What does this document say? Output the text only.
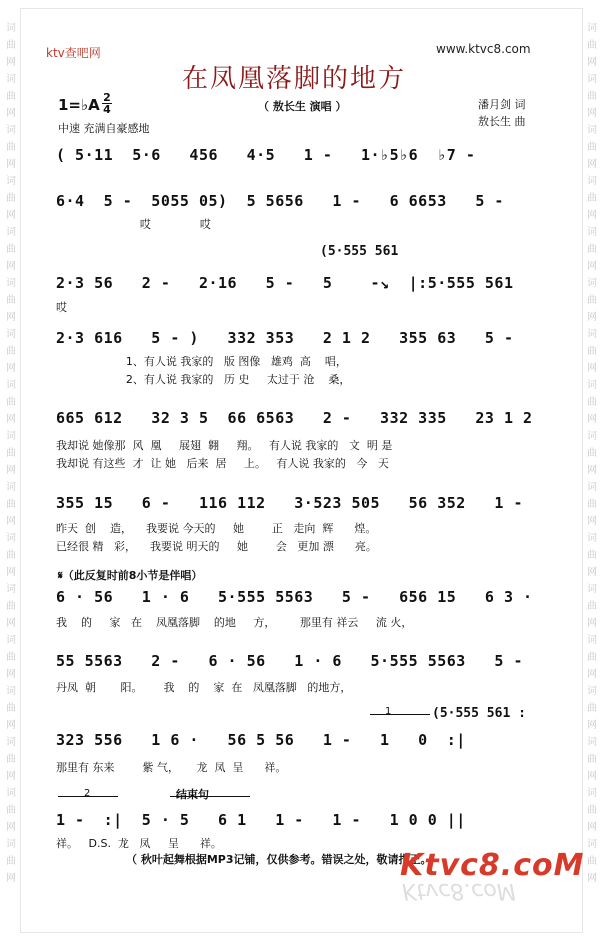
词
曲
网
词
曲
网
词
曲
网
词
曲
网
词
曲
网
词
曲
网
词
曲
网
词
曲
网
词
曲
网
词
曲
网
词
曲
网
词
曲
网
词
曲
网
词
曲
网
词
曲
网
词
曲
网
词
曲
网
词
曲
网
词
曲
网
词
曲
网
词
曲
网
词
曲
网
词
曲
网
词
曲
网
词
曲
网
词
曲
网
词
曲
网
词
曲
网
词
曲
网
词
曲
网
词
曲
网
词
曲
网
词
曲
网
词
曲
网
ktv查吧网	www.ktvc8.com
在凤凰落脚的地方
1=♭A 2
4
中速 充满自豪感地
（ 敖长生 演唱 ）	潘月剑 词
敖长生 曲
( 5·11  5·6   456   4·5   1 -   1·♭5♭6  ♭7 -
6·4  5 -  5055 05)  5 5656   1 -   6 6653   5 -
哎              哎
(5·555 561
2·3 56   2 -   2·16   5 -   5    -↘  |:5·555 561
哎
2·3 616   5 - )   332 353   2 1 2   355 63   5 -
1、有人说 我家的   版 图像   雄鸡  高    唱，
2、有人说 我家的   历 史     太过于 沧    桑，
665 612   32 3 5  66 6563   2 -   332 335   23 1 2
我却说 她像那  风  凰     展翅  翱     翔。   有人说 我家的   文  明 是
我却说 有这些  才  让 她   后来  居     上。   有人说 我家的   今   天
355 15   6 -   116 112   3·523 505   56 352   1 -
昨天  创    造，    我要说 今天的     她        正   走向  辉      煌。
已经很 精   彩，    我要说 明天的     她        会   更加 漂      亮。
𝄋（此反复时前8小节是伴唱）
6 · 56   1 · 6   5·555 5563   5 -   656 15   6 3 ·
我    的     家   在    凤凰落脚    的地     方，       那里有 祥云     流 火，
55 5563   2 -   6 · 56   1 · 6   5·555 5563   5 -
丹凤  朝       阳。      我    的    家  在   凤凰落脚   的地方，
1	(5·555 561 :
323 556   1 6 ·   56 5 56   1 -   1   0  :|
那里有 东来        紫 气，     龙  凤  呈      祥。
2	结束句
1 -  :|  5 · 5   6 1   1 -   1 -   1 0 0 ||
祥。   D.S.  龙   凤     呈      祥。
（ 秋叶起舞根据MP3记铺，仅供参考。错误之处，敬请指正。
Ktvc8.coM
Ktvc8.coM
